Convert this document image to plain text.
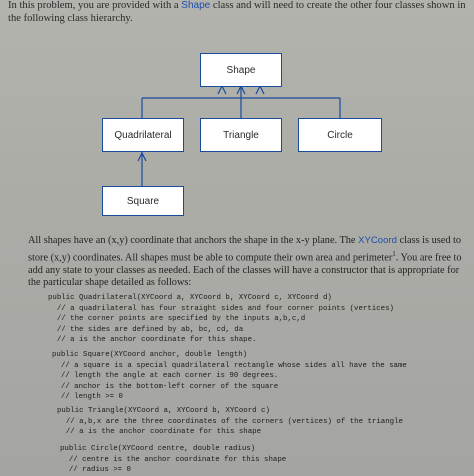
In this problem, you are provided with a Shape class and will need to create the other four classes shown in the following class hierarchy.
Shape
Quadrilateral	Triangle	Circle
Square
All shapes have an (x,y) coordinate that anchors the shape in the x-y plane. The XYCoord class is used to store (x,y) coordinates. All shapes must be able to compute their own area and perimeter$^1$. You are free to add any state to your classes as needed. Each of the classes will have a constructor that is appropriate for the particular shape detailed as follows:
public Quadrilateral(XYCoord a, XYCoord b, XYCoord c, XYCoord d)
// a quadrilateral has four straight sides and four corner points (vertices)
// the corner points are specified by the inputs a,b,c,d
// the sides are defined by ab, bc, cd, da
// a is the anchor coordinate for this shape.
public Square(XYCoord anchor, double length)
// a square is a special quadrilateral rectangle whose sides all have the same
// length the angle at each corner is 90 degrees.
// anchor is the bottom-left corner of the square
// length >= 0
public Triangle(XYCoord a, XYCoord b, XYCoord c)
// a,b,x are the three coordinates of the corners (vertices) of the triangle
// a is the anchor coordinate for this shape
public Circle(XYCoord centre, double radius)
// centre is the anchor coordinate for this shape
// radius >= 0
